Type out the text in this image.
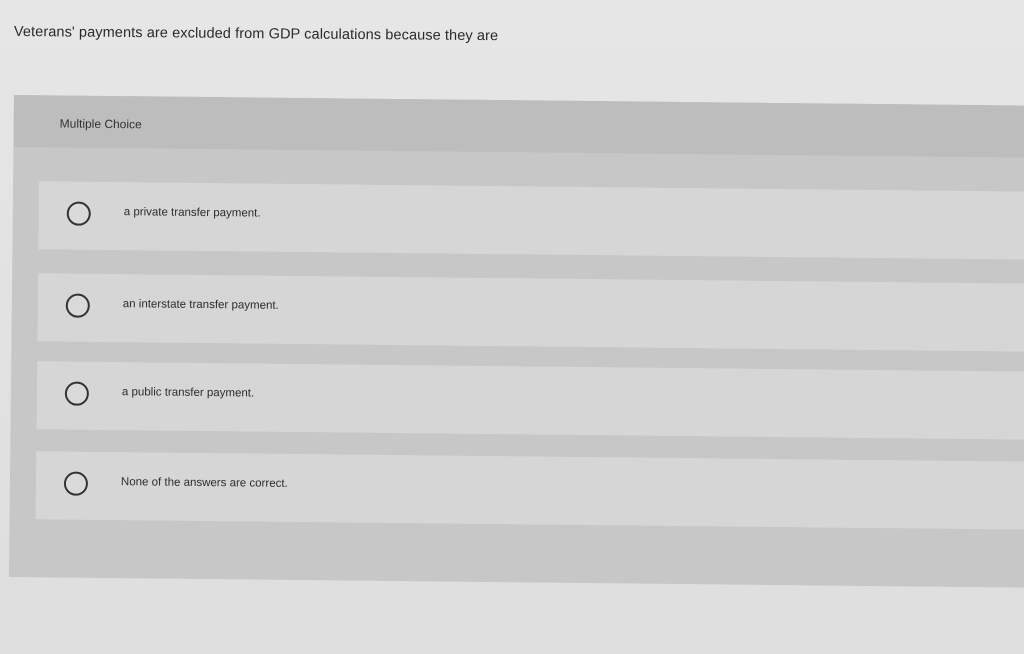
Veterans' payments are excluded from GDP calculations because they are
Multiple Choice
a private transfer payment.
an interstate transfer payment.
a public transfer payment.
None of the answers are correct.
